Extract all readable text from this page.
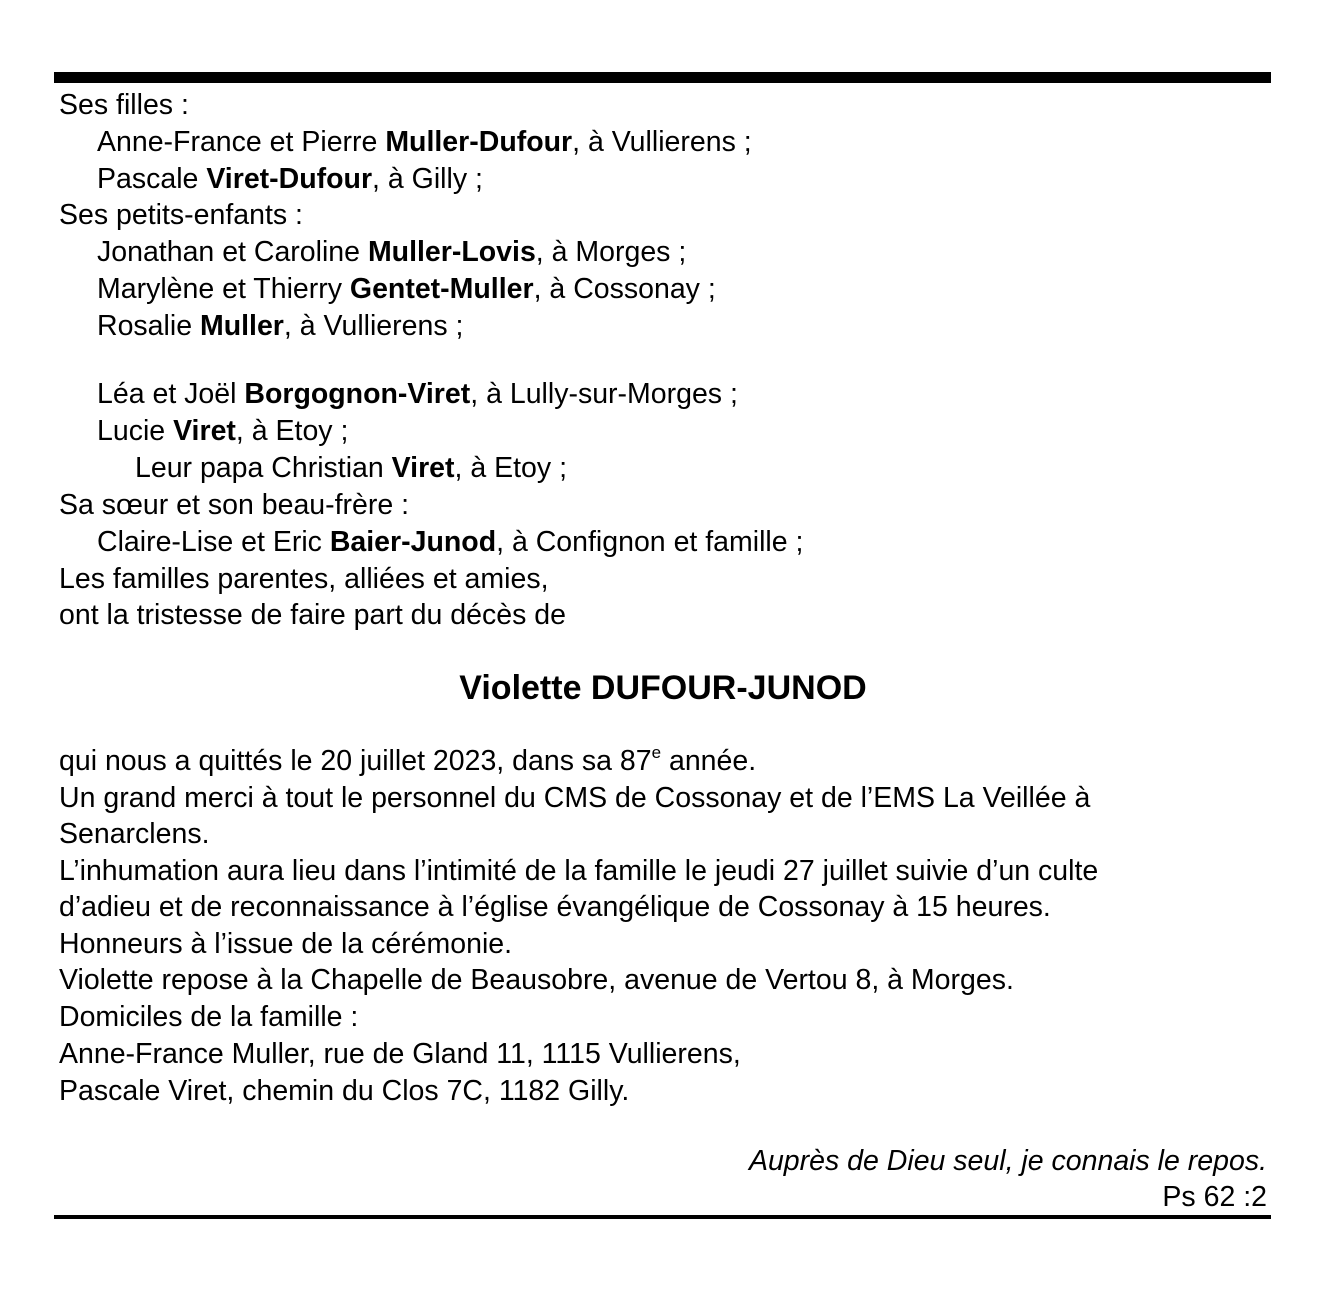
Ses filles :

Anne-France et Pierre Muller-Dufour, à Vullierens ;

Pascale Viret-Dufour, à Gilly ;

Ses petits-enfants :

Jonathan et Caroline Muller-Lovis, à Morges ;

Marylène et Thierry Gentet-Muller, à Cossonay ;

Rosalie Muller, à Vullierens ;

Léa et Joël Borgognon-Viret, à Lully-sur-Morges ;

Lucie Viret, à Etoy ;

Leur papa Christian Viret, à Etoy ;

Sa sœur et son beau-frère :

Claire-Lise et Eric Baier-Junod, à Confignon et famille ;

Les familles parentes, alliées et amies,

ont la tristesse de faire part du décès de

Violette DUFOUR-JUNOD

qui nous a quittés le 20 juillet 2023, dans sa 87e année.

Un grand merci à tout le personnel du CMS de Cossonay et de l’EMS La Veillée à

Senarclens.

L’inhumation aura lieu dans l’intimité de la famille le jeudi 27 juillet suivie d’un culte

d’adieu et de reconnaissance à l’église évangélique de Cossonay à 15 heures.

Honneurs à l’issue de la cérémonie.

Violette repose à la Chapelle de Beausobre, avenue de Vertou 8, à Morges.

Domiciles de la famille :

Anne-France Muller, rue de Gland 11, 1115 Vullierens,

Pascale Viret, chemin du Clos 7C, 1182 Gilly.

Auprès de Dieu seul, je connais le repos.

Ps 62 :2
